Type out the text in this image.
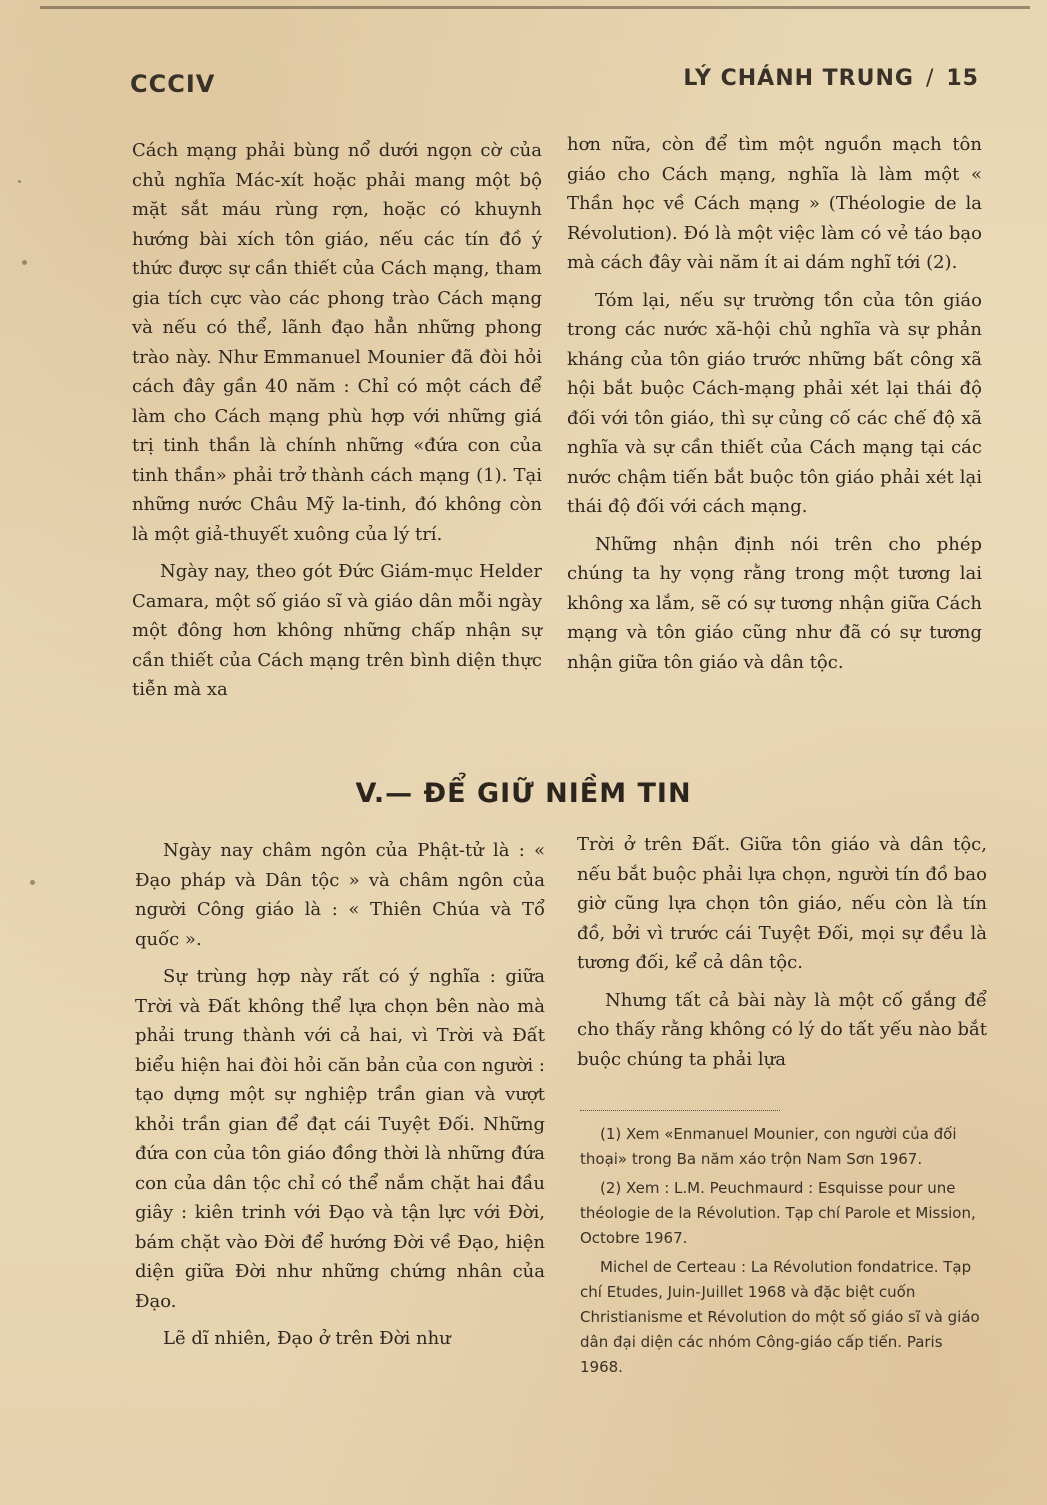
CCCIV	LÝ CHÁNH TRUNG / 15

Cách mạng phải bùng nổ dưới ngọn cờ của chủ nghĩa Mác-xít hoặc phải mang một bộ mặt sắt máu rùng rợn, hoặc có khuynh hướng bài xích tôn giáo, nếu các tín đồ ý thức được sự cần thiết của Cách mạng, tham gia tích cực vào các phong trào Cách mạng và nếu có thể, lãnh đạo hẳn những phong trào này. Như Emmanuel Mounier đã đòi hỏi cách đây gần 40 năm : Chỉ có một cách để làm cho Cách mạng phù hợp với những giá trị tinh thần là chính những «đứa con của tinh thần» phải trở thành cách mạng (1). Tại những nước Châu Mỹ la-tinh, đó không còn là một giả-thuyết xuông của lý trí.

Ngày nay, theo gót Đức Giám-mục Helder Camara, một số giáo sĩ và giáo dân mỗi ngày một đông hơn không những chấp nhận sự cần thiết của Cách mạng trên bình diện thực tiễn mà xa

hơn nữa, còn để tìm một nguồn mạch tôn giáo cho Cách mạng, nghĩa là làm một « Thần học về Cách mạng » (Théologie de la Révolution). Đó là một việc làm có vẻ táo bạo mà cách đây vài năm ít ai dám nghĩ tới (2).

Tóm lại, nếu sự trường tồn của tôn giáo trong các nước xã-hội chủ nghĩa và sự phản kháng của tôn giáo trước những bất công xã hội bắt buộc Cách-mạng phải xét lại thái độ đối với tôn giáo, thì sự củng cố các chế độ xã nghĩa và sự cần thiết của Cách mạng tại các nước chậm tiến bắt buộc tôn giáo phải xét lại thái độ đối với cách mạng.

Những nhận định nói trên cho phép chúng ta hy vọng rằng trong một tương lai không xa lắm, sẽ có sự tương nhận giữa Cách mạng và tôn giáo cũng như đã có sự tương nhận giữa tôn giáo và dân tộc.

V.— ĐỂ GIỮ NIỀM TIN

Ngày nay châm ngôn của Phật-tử là : « Đạo pháp và Dân tộc » và châm ngôn của người Công giáo là : « Thiên Chúa và Tổ quốc ».

Sự trùng hợp này rất có ý nghĩa : giữa Trời và Đất không thể lựa chọn bên nào mà phải trung thành với cả hai, vì Trời và Đất biểu hiện hai đòi hỏi căn bản của con người : tạo dựng một sự nghiệp trần gian và vượt khỏi trần gian để đạt cái Tuyệt Đối. Những đứa con của tôn giáo đồng thời là những đứa con của dân tộc chỉ có thể nắm chặt hai đầu giây : kiên trinh với Đạo và tận lực với Đời, bám chặt vào Đời để hướng Đời về Đạo, hiện diện giữa Đời như những chứng nhân của Đạo.

Lẽ dĩ nhiên, Đạo ở trên Đời như

Trời ở trên Đất. Giữa tôn giáo và dân tộc, nếu bắt buộc phải lựa chọn, người tín đồ bao giờ cũng lựa chọn tôn giáo, nếu còn là tín đồ, bởi vì trước cái Tuyệt Đối, mọi sự đều là tương đối, kể cả dân tộc.

Nhưng tất cả bài này là một cố gắng để cho thấy rằng không có lý do tất yếu nào bắt buộc chúng ta phải lựa

(1) Xem «Enmanuel Mounier, con người của đối thoại» trong Ba năm xáo trộn Nam Sơn 1967.

(2) Xem : L.M. Peuchmaurd : Esquisse pour une théologie de la Révolution. Tạp chí Parole et Mission, Octobre 1967.

Michel de Certeau : La Révolution fondatrice. Tạp chí Etudes, Juin-Juillet 1968 và đặc biệt cuốn Christianisme et Révolution do một số giáo sĩ và giáo dân đại diện các nhóm Công-giáo cấp tiến. Paris 1968.
